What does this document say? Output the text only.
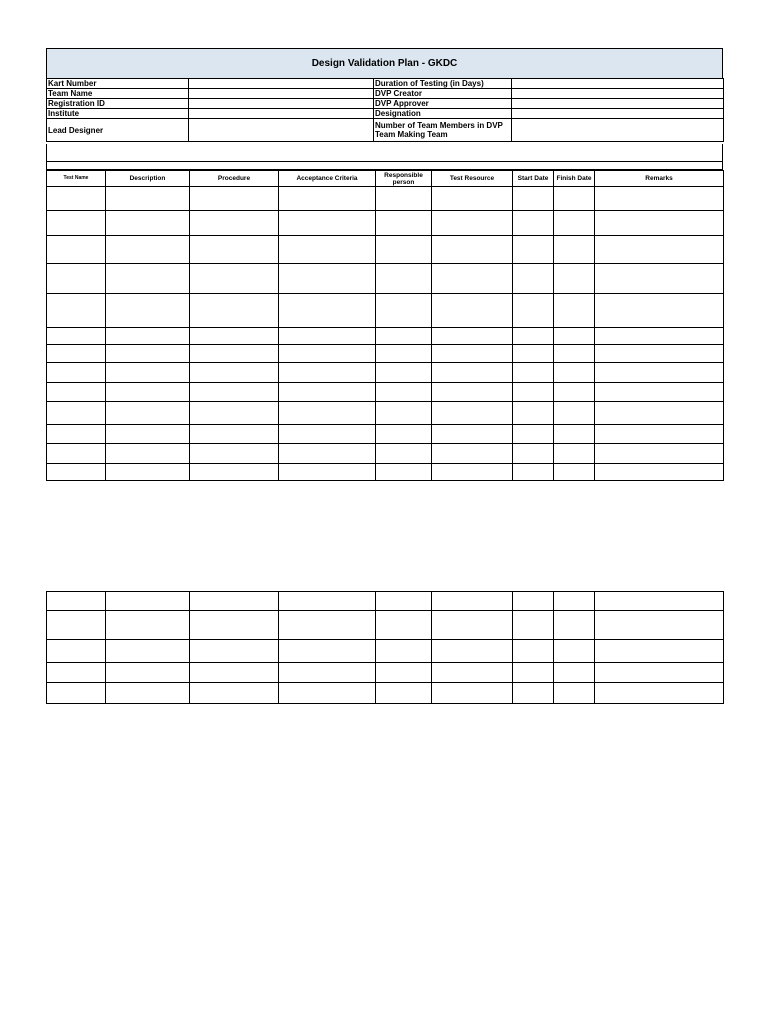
Design Validation Plan - GKDC
Kart Number		Duration of Testing (in Days)	
Team Name		DVP Creator	
Registration ID		DVP Approver	
Institute		Designation	
Lead Designer		Number of Team Members in DVP Team Making Team	
Test Name	Description	Procedure	Acceptance Criteria	Responsible person	Test Resource	Start Date	Finish Date	Remarks
